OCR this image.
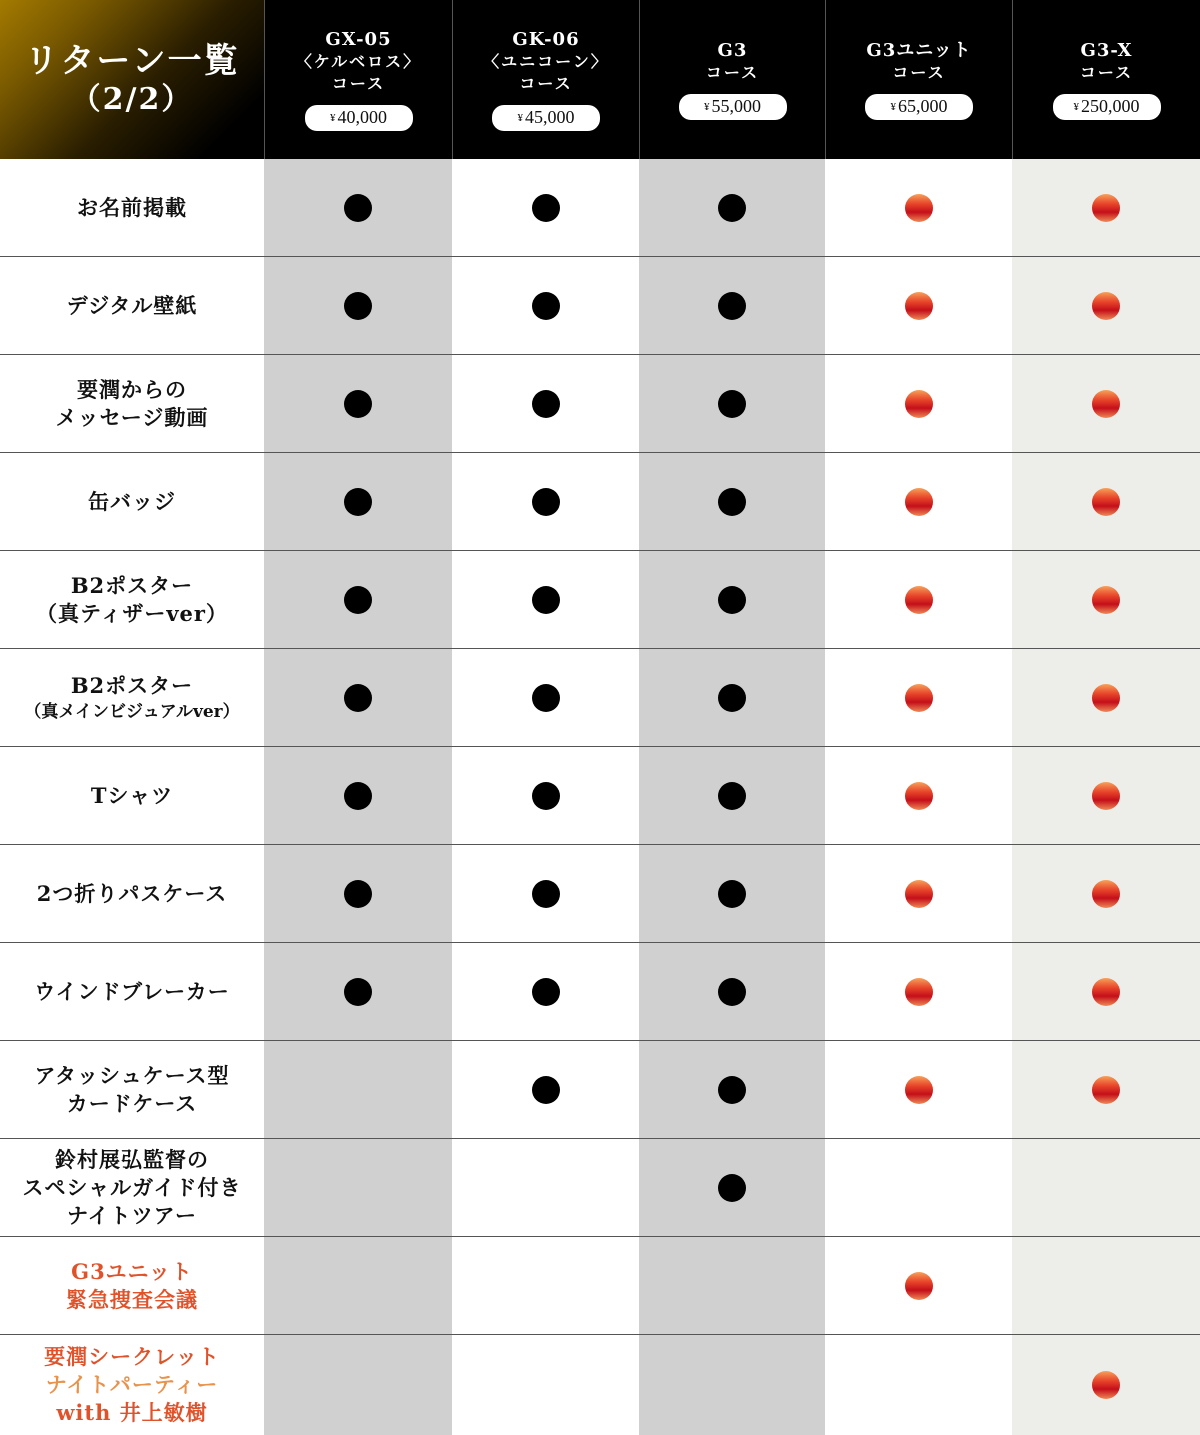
リターン一覧
（2/2）
GX-05
〈ケルベロス〉
コース
¥ 40,000
GK-06
〈ユニコーン〉
コース
¥ 45,000
G3
コース
¥ 55,000
G3ユニット
コース
¥ 65,000
G3-X
コース
¥ 250,000
お名前掲載
デジタル壁紙
要潤からの
メッセージ動画
缶バッジ
B2ポスター
（真ティザーver）
B2ポスター
（真メインビジュアルver）
Tシャツ
2つ折りパスケース
ウインドブレーカー
アタッシュケース型
カードケース
鈴村展弘監督の
スペシャルガイド付き
ナイトツアー
G3ユニット
緊急捜査会議
要潤シークレット
ナイトパーティー
with 井上敏樹
